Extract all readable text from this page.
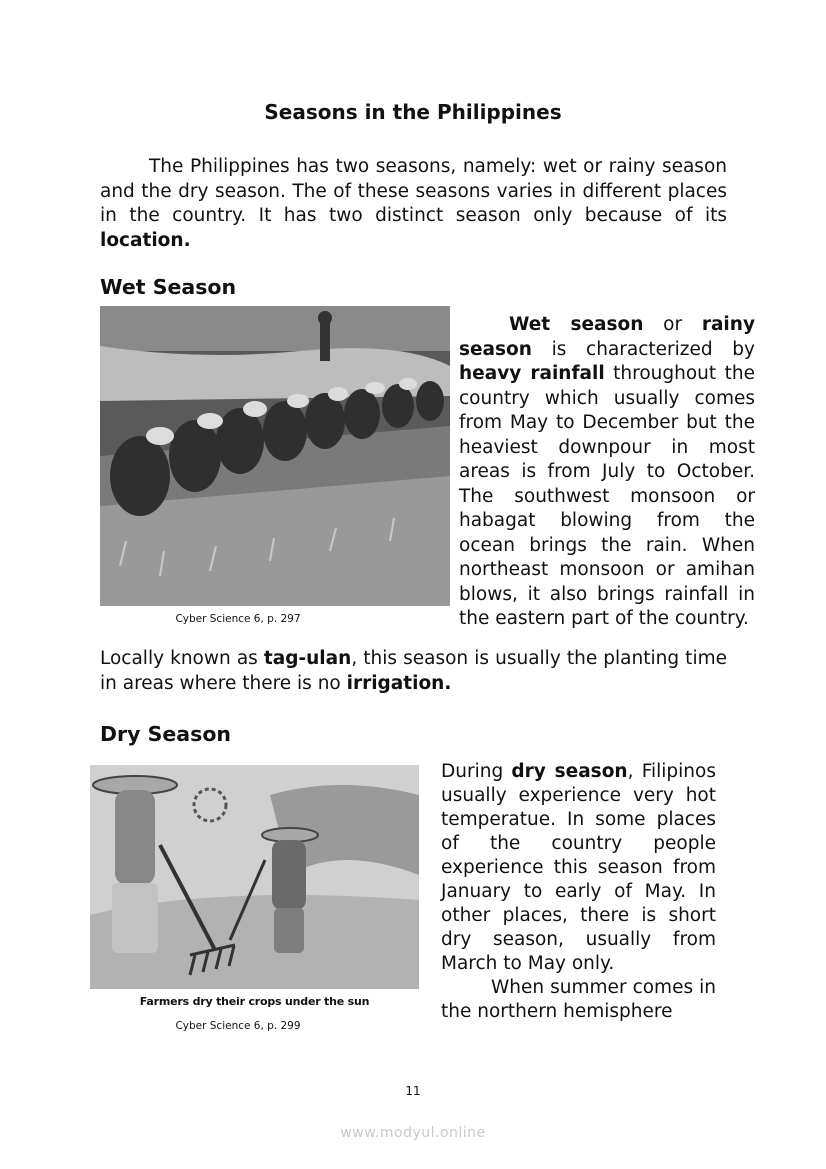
Seasons in the Philippines
The Philippines has two seasons, namely: wet or rainy season and the dry season. The of these seasons varies in different places in the country. It has two distinct season only because of its location.
Wet Season
Cyber Science 6, p. 297
Wet season or rainy season is characterized by heavy rainfall throughout the country which usually comes from May to December but the heaviest downpour in most areas is from July to October. The southwest monsoon or habagat blowing from the ocean brings the rain. When northeast monsoon or amihan blows, it also brings rainfall in the eastern part of the country.
Locally known as tag-ulan, this season is usually the planting time in areas where there is no irrigation.
Dry Season
Farmers dry their crops under the sun
Cyber Science 6, p. 299
During dry season, Filipinos usually experience very hot temperatue. In some places of the country people experience this season from January to early of May. In other places, there is short dry season, usually from March to May only.
When summer comes in the northern hemisphere
11
www.modyul.online
